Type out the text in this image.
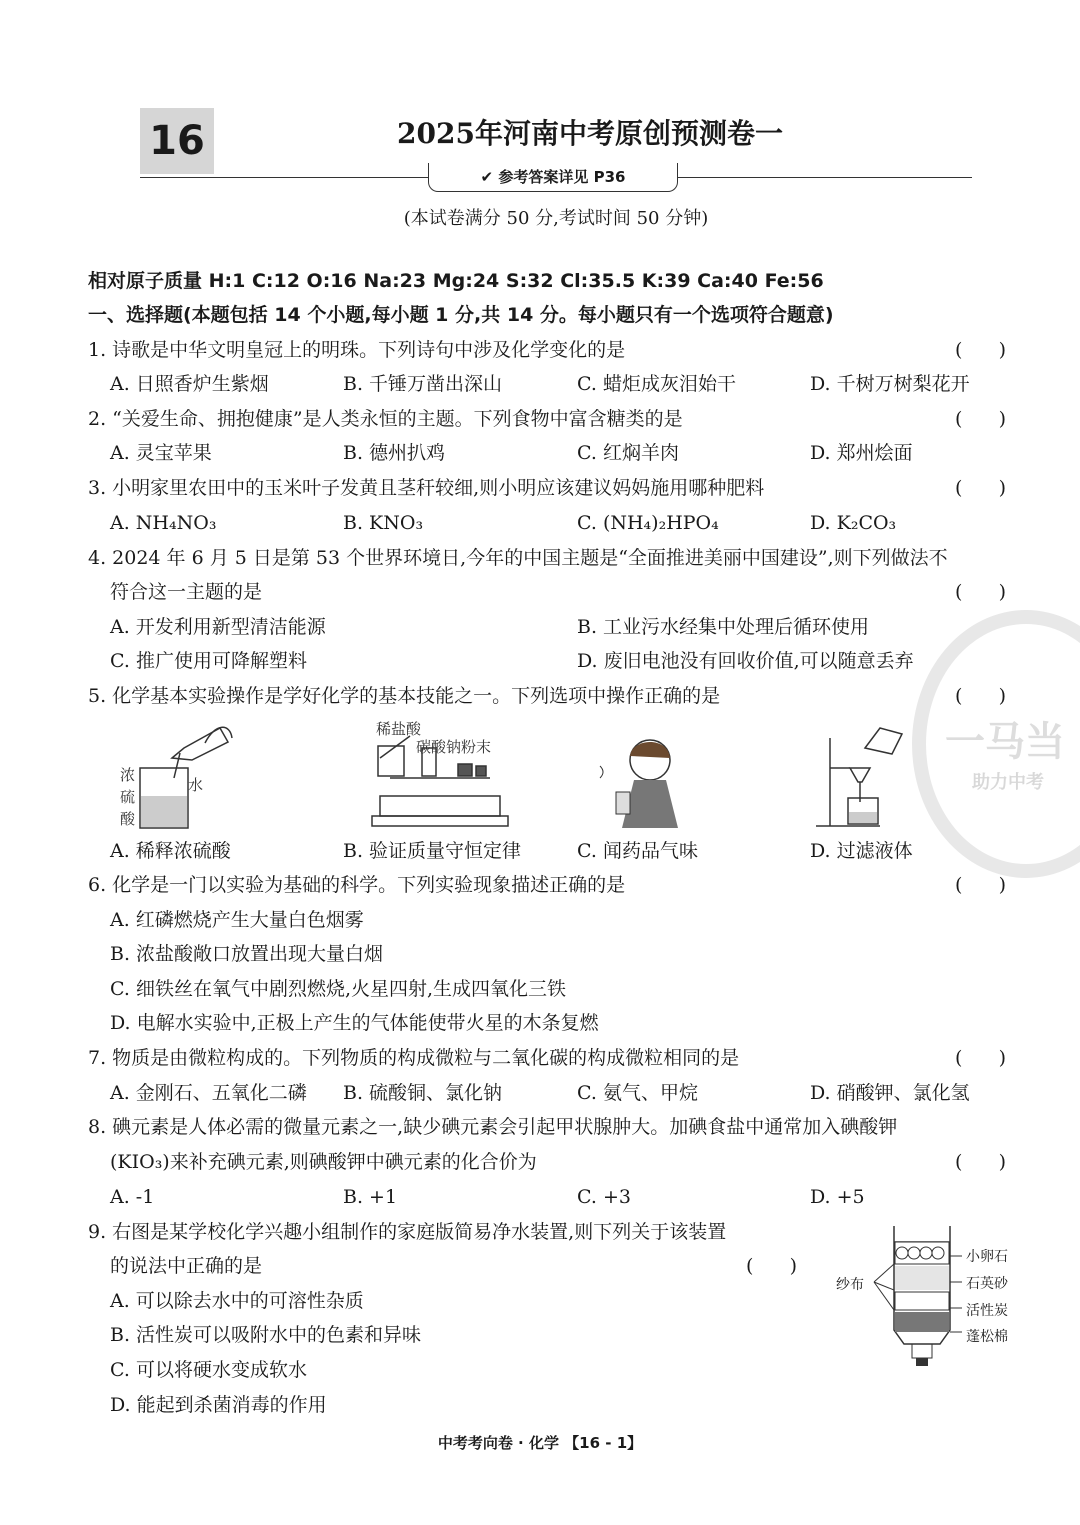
一马当
助力中考
16	2025年河南中考原创预测卷一
✔ 参考答案详见 P36
(本试卷满分 50 分,考试时间 50 分钟)
相对原子质量 H:1 C:12 O:16 Na:23 Mg:24 S:32 Cl:35.5 K:39 Ca:40 Fe:56
一、选择题(本题包括 14 个小题,每小题 1 分,共 14 分。每小题只有一个选项符合题意)
1. 诗歌是中华文明皇冠上的明珠。下列诗句中涉及化学变化的是	(      )
A. 日照香炉生紫烟	B. 千锤万凿出深山	C. 蜡炬成灰泪始干	D. 千树万树梨花开
2. “关爱生命、拥抱健康”是人类永恒的主题。下列食物中富含糖类的是	(      )
A. 灵宝苹果	B. 德州扒鸡	C. 红焖羊肉	D. 郑州烩面
3. 小明家里农田中的玉米叶子发黄且茎秆较细,则小明应该建议妈妈施用哪种肥料	(      )
A. NH₄NO₃	B. KNO₃	C. (NH₄)₂HPO₄	D. K₂CO₃
4. 2024 年 6 月 5 日是第 53 个世界环境日,今年的中国主题是“全面推进美丽中国建设”,则下列做法不
符合这一主题的是	(      )
A. 开发利用新型清洁能源	B. 工业污水经集中处理后循环使用
C. 推广使用可降解塑料	D. 废旧电池没有回收价值,可以随意丢弃
5. 化学基本实验操作是学好化学的基本技能之一。下列选项中操作正确的是	(      )
浓
硫
酸
水
稀盐酸
碳酸钠粉末
A. 稀释浓硫酸	B. 验证质量守恒定律	C. 闻药品气味	D. 过滤液体
6. 化学是一门以实验为基础的科学。下列实验现象描述正确的是	(      )
A. 红磷燃烧产生大量白色烟雾
B. 浓盐酸敞口放置出现大量白烟
C. 细铁丝在氧气中剧烈燃烧,火星四射,生成四氧化三铁
D. 电解水实验中,正极上产生的气体能使带火星的木条复燃
7. 物质是由微粒构成的。下列物质的构成微粒与二氧化碳的构成微粒相同的是	(      )
A. 金刚石、五氧化二磷 B. 硫酸铜、氯化钠	C. 氨气、甲烷	D. 硝酸钾、氯化氢
8. 碘元素是人体必需的微量元素之一,缺少碘元素会引起甲状腺肿大。加碘食盐中通常加入碘酸钾
(KIO₃)来补充碘元素,则碘酸钾中碘元素的化合价为	(      )
A. -1	B. +1	C. +3	D. +5
9. 右图是某学校化学兴趣小组制作的家庭版简易净水装置,则下列关于该装置
的说法中正确的是	(      )
A. 可以除去水中的可溶性杂质
B. 活性炭可以吸附水中的色素和异味
C. 可以将硬水变成软水
D. 能起到杀菌消毒的作用
小卵石
石英砂
活性炭
蓬松棉
纱布
中考考向卷 · 化学 【16 - 1】
